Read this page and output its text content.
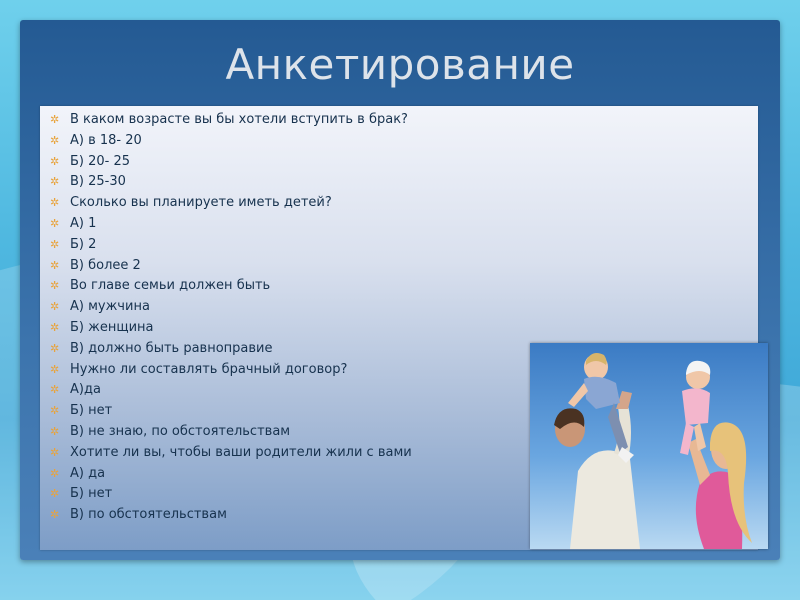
Анкетирование
✲ В каком возрасте вы бы хотели вступить в брак?
✲ А) в 18- 20
✲ Б) 20- 25
✲ В) 25-30
✲ Сколько вы планируете иметь детей?
✲ А) 1
✲ Б) 2
✲ В) более 2
✲ Во главе семьи должен быть
✲ А) мужчина
✲ Б) женщина
✲ В) должно быть равноправие
✲ Нужно ли составлять брачный договор?
✲ А)да
✲ Б) нет
✲ В) не знаю, по обстоятельствам
✲ Хотите ли вы, чтобы ваши родители жили с вами
✲ А) да
✲ Б) нет
✲ В) по обстоятельствам
